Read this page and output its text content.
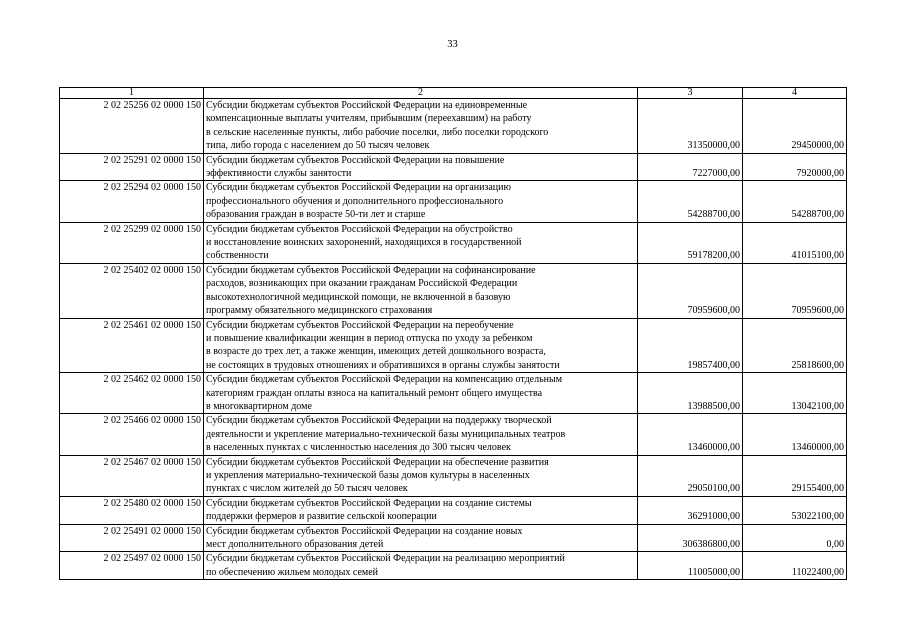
33
1	2	3	4
2 02 25256 02 0000 150	Субсидии бюджетам субъектов Российской Федерации на единовременные
компенсационные выплаты учителям, прибывшим (переехавшим) на работу
в сельские населенные пункты, либо рабочие поселки, либо поселки городского
типа, либо города с населением до 50 тысяч человек	31350000,00	29450000,00
2 02 25291 02 0000 150	Субсидии бюджетам субъектов Российской Федерации на повышение
эффективности службы занятости	7227000,00	7920000,00
2 02 25294 02 0000 150	Субсидии бюджетам субъектов Российской Федерации на организацию
профессионального обучения и дополнительного профессионального
образования граждан в возрасте 50-ти лет и старше	54288700,00	54288700,00
2 02 25299 02 0000 150	Субсидии бюджетам субъектов Российской Федерации на обустройство
и восстановление воинских захоронений, находящихся в государственной
собственности	59178200,00	41015100,00
2 02 25402 02 0000 150	Субсидии бюджетам субъектов Российской Федерации на софинансирование
расходов, возникающих при оказании гражданам Российской Федерации
высокотехнологичной медицинской помощи, не включенной в базовую
программу обязательного медицинского страхования	70959600,00	70959600,00
2 02 25461 02 0000 150	Субсидии бюджетам субъектов Российской Федерации на переобучение
и повышение квалификации женщин в период отпуска по уходу за ребенком
в возрасте до трех лет, а также женщин, имеющих детей дошкольного возраста,
не состоящих в трудовых отношениях и обратившихся в органы службы занятости	19857400,00	25818600,00
2 02 25462 02 0000 150	Субсидии бюджетам субъектов Российской Федерации на компенсацию отдельным
категориям граждан оплаты взноса на капитальный ремонт общего имущества
в многоквартирном доме	13988500,00	13042100,00
2 02 25466 02 0000 150	Субсидии бюджетам субъектов Российской Федерации на поддержку творческой
деятельности и укрепление материально-технической базы муниципальных театров
в населенных пунктах с численностью населения до 300 тысяч человек	13460000,00	13460000,00
2 02 25467 02 0000 150	Субсидии бюджетам субъектов Российской Федерации на обеспечение развития
и укрепления материально-технической базы домов культуры в населенных
пунктах с числом жителей до 50 тысяч человек	29050100,00	29155400,00
2 02 25480 02 0000 150	Субсидии бюджетам субъектов Российской Федерации на создание системы
поддержки фермеров и развитие сельской кооперации	36291000,00	53022100,00
2 02 25491 02 0000 150	Субсидии бюджетам субъектов Российской Федерации на создание новых
мест дополнительного образования детей	306386800,00	0,00
2 02 25497 02 0000 150	Субсидии бюджетам субъектов Российской Федерации на реализацию мероприятий
по обеспечению жильем молодых семей	11005000,00	11022400,00
